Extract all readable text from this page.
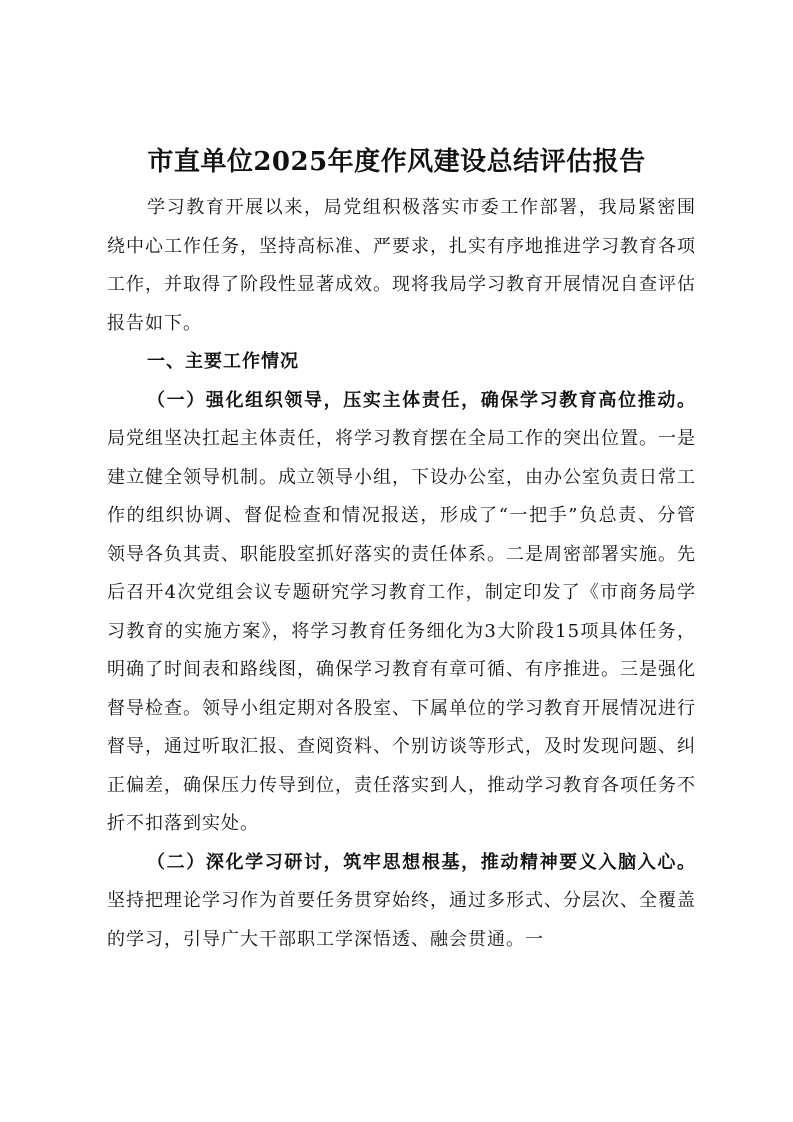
市直单位2025年度作风建设总结评估报告

学习教育开展以来，局党组积极落实市委工作部署，我局紧密围绕中心工作任务，坚持高标准、严要求，扎实有序地推进学习教育各项工作，并取得了阶段性显著成效。现将我局学习教育开展情况自查评估报告如下。

一、主要工作情况

（一）强化组织领导，压实主体责任，确保学习教育高位推动。局党组坚决扛起主体责任，将学习教育摆在全局工作的突出位置。一是建立健全领导机制。成立领导小组，下设办公室，由办公室负责日常工作的组织协调、督促检查和情况报送，形成了“一把手”负总责、分管领导各负其责、职能股室抓好落实的责任体系。二是周密部署实施。先后召开4次党组会议专题研究学习教育工作，制定印发了《市商务局学习教育的实施方案》，将学习教育任务细化为3大阶段15项具体任务，明确了时间表和路线图，确保学习教育有章可循、有序推进。三是强化督导检查。领导小组定期对各股室、下属单位的学习教育开展情况进行督导，通过听取汇报、查阅资料、个别访谈等形式，及时发现问题、纠正偏差，确保压力传导到位，责任落实到人，推动学习教育各项任务不折不扣落到实处。

（二）深化学习研讨，筑牢思想根基，推动精神要义入脑入心。坚持把理论学习作为首要任务贯穿始终，通过多形式、分层次、全覆盖的学习，引导广大干部职工学深悟透、融会贯通。一
